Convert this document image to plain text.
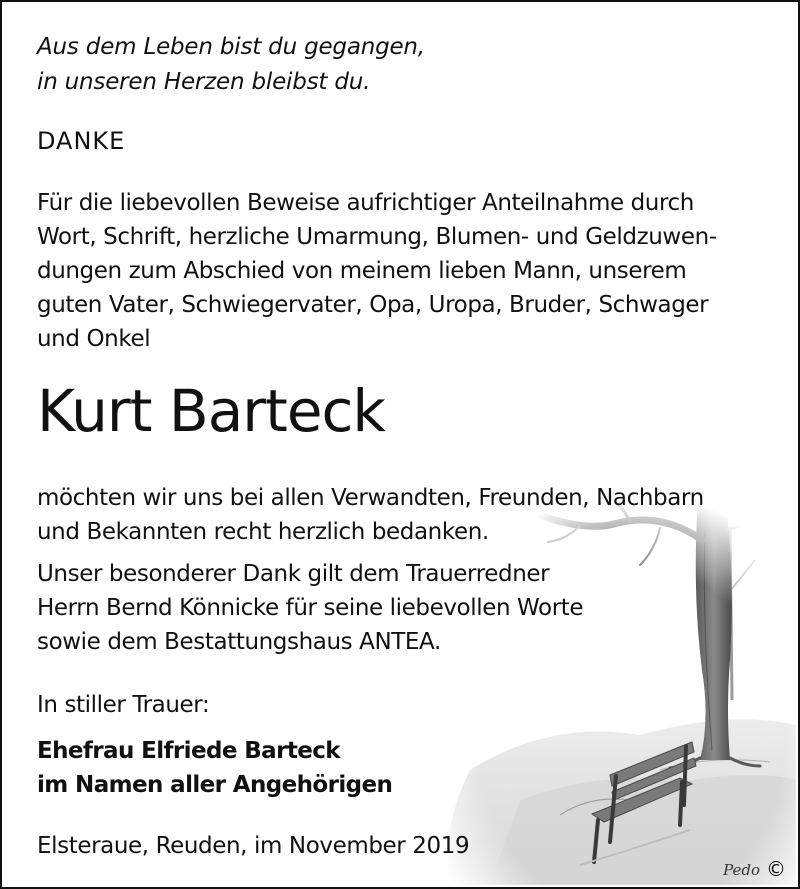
Aus dem Leben bist du gegangen,
in unseren Herzen bleibst du.
DANKE
Für die liebevollen Beweise aufrichtiger Anteilnahme durch
Wort, Schrift, herzliche Umarmung, Blumen- und Geldzuwen-
dungen zum Abschied von meinem lieben Mann, unserem
guten Vater, Schwiegervater, Opa, Uropa, Bruder, Schwager
und Onkel
Kurt Barteck
möchten wir uns bei allen Verwandten, Freunden, Nachbarn
und Bekannten recht herzlich bedanken.
Unser besonderer Dank gilt dem Trauerredner
Herrn Bernd Könnicke für seine liebevollen Worte
sowie dem Bestattungshaus ANTEA.
In stiller Trauer:
Ehefrau Elfriede Barteck
im Namen aller Angehörigen
Elsteraue, Reuden, im November 2019
Pedo ©
